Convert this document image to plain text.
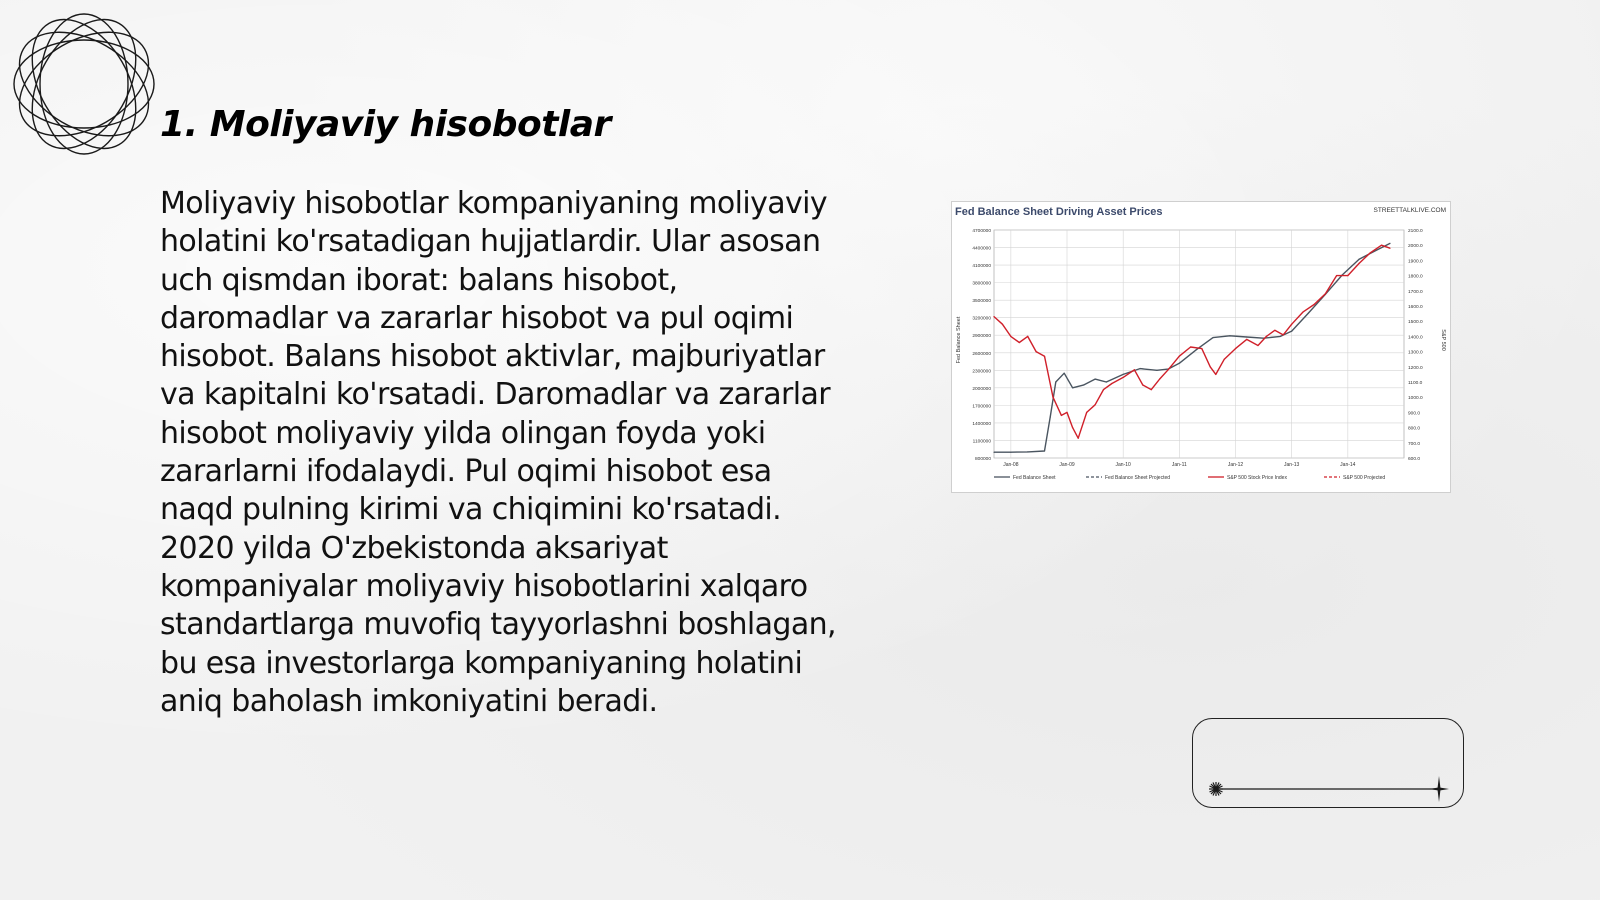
1. Moliyaviy hisobotlar

Moliyaviy hisobotlar kompaniyaning moliyaviy holatini ko'rsatadigan hujjatlardir. Ular asosan uch qismdan iborat: balans hisobot, daromadlar va zararlar hisobot va pul oqimi hisobot. Balans hisobot aktivlar, majburiyatlar va kapitalni ko'rsatadi. Daromadlar va zararlar hisobot moliyaviy yilda olingan foyda yoki zararlarni ifodalaydi. Pul oqimi hisobot esa naqd pulning kirimi va chiqimini ko'rsatadi. 2020 yilda O'zbekistonda aksariyat kompaniyalar moliyaviy hisobotlarini xalqaro standartlarga muvofiq tayyorlashni boshlagan, bu esa investorlarga kompaniyaning holatini aniq baholash imkoniyatini beradi.

Fed Balance Sheet Driving Asset Prices	STREETTALKLIVE.COM
Fed Balance Sheet	S&P 500
800000
1100000
1400000
1700000
2000000
2300000
2600000
2900000
3200000
3500000
3800000
4100000
4400000
4700000
600.0
700.0
800.0
900.0
1000.0
1100.0
1200.0
1300.0
1400.0
1500.0
1600.0
1700.0
1800.0
1900.0
2000.0
2100.0
Jan-08	Jan-09	Jan-10	Jan-11	Jan-12	Jan-13	Jan-14
Fed Balance Sheet	Fed Balance Sheet Projected	S&P 500 Stock Price Index	S&P 500 Projected
